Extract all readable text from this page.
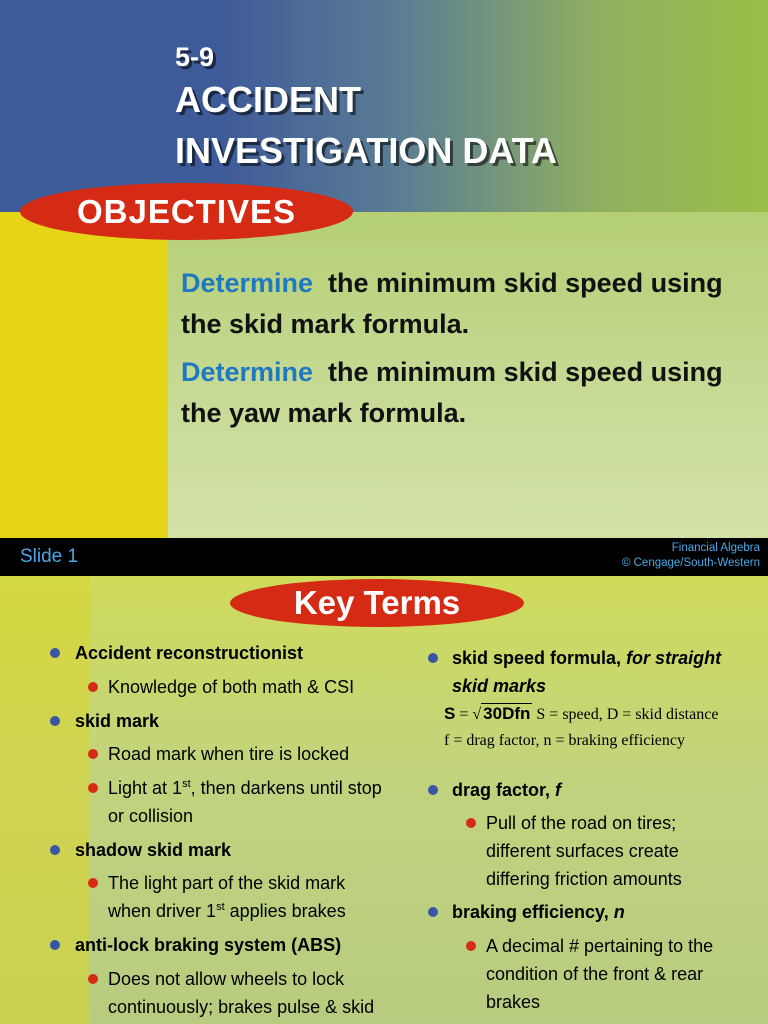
5-9

ACCIDENT

INVESTIGATION DATA

OBJECTIVES

Determine  the minimum skid speed using the skid mark formula.

Determine  the minimum skid speed using the yaw mark formula.

Slide 1	Financial Algebra
© Cengage/South-Western
Key Terms
Accident reconstructionist
Knowledge of both math & CSI
skid mark
Road mark when tire is locked
Light at 1st, then darkens until stop
or collision
shadow skid mark
The light part of the skid mark
when driver 1st applies brakes
anti-lock braking system (ABS)
Does not allow wheels to lock
continuously; brakes pulse & skid
skid speed formula, for straight
skid marks
S = √ 30Dfn S = speed, D = skid distance
f = drag factor, n = braking efficiency
drag factor, f
Pull of the road on tires;
different surfaces create
differing friction amounts
braking efficiency, n
A decimal # pertaining to the
condition of the front & rear
brakes
